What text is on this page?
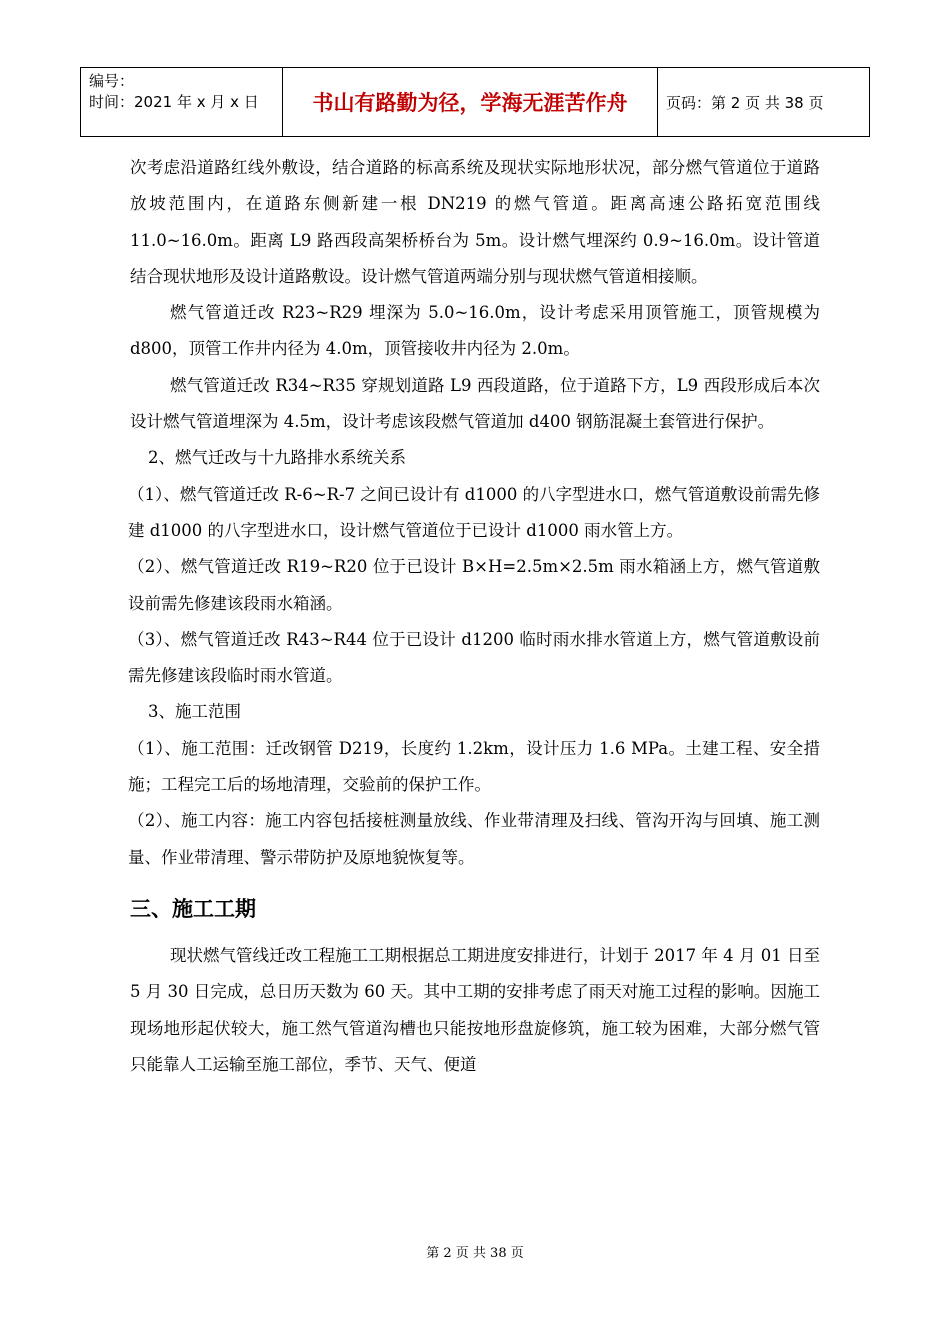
编号：
时间：2021 年 x 月 x 日	书山有路勤为径，学海无涯苦作舟	页码：第 2 页 共 38 页

次考虑沿道路红线外敷设，结合道路的标高系统及现状实际地形状况，部分燃气管道位于道路放坡范围内，在道路东侧新建一根 DN219 的燃气管道。距离高速公路拓宽范围线 11.0~16.0m。距离 L9 路西段高架桥桥台为 5m。设计燃气埋深约 0.9~16.0m。设计管道结合现状地形及设计道路敷设。设计燃气管道两端分别与现状燃气管道相接顺。

燃气管道迁改 R23~R29 埋深为 5.0~16.0m，设计考虑采用顶管施工，顶管规模为 d800，顶管工作井内径为 4.0m，顶管接收井内径为 2.0m。

燃气管道迁改 R34~R35 穿规划道路 L9 西段道路，位于道路下方，L9 西段形成后本次设计燃气管道埋深为 4.5m，设计考虑该段燃气管道加 d400 钢筋混凝土套管进行保护。

2、燃气迁改与十九路排水系统关系

（1）、燃气管道迁改 R-6~R-7 之间已设计有 d1000 的八字型进水口，燃气管道敷设前需先修建 d1000 的八字型进水口，设计燃气管道位于已设计 d1000 雨水管上方。

（2）、燃气管道迁改 R19~R20 位于已设计 B×H=2.5m×2.5m 雨水箱涵上方，燃气管道敷设前需先修建该段雨水箱涵。

（3）、燃气管道迁改 R43~R44 位于已设计 d1200 临时雨水排水管道上方，燃气管道敷设前需先修建该段临时雨水管道。

3、施工范围

（1）、施工范围：迁改钢管 D219，长度约 1.2km，设计压力 1.6 MPa。土建工程、安全措施；工程完工后的场地清理，交验前的保护工作。

（2）、施工内容：施工内容包括接桩测量放线、作业带清理及扫线、管沟开沟与回填、施工测量、作业带清理、警示带防护及原地貌恢复等。

三、施工工期

现状燃气管线迁改工程施工工期根据总工期进度安排进行，计划于 2017 年 4 月 01 日至 5 月 30 日完成，总日历天数为 60 天。其中工期的安排考虑了雨天对施工过程的影响。因施工现场地形起伏较大，施工然气管道沟槽也只能按地形盘旋修筑，施工较为困难，大部分燃气管只能靠人工运输至施工部位，季节、天气、便道

第 2 页 共 38 页
